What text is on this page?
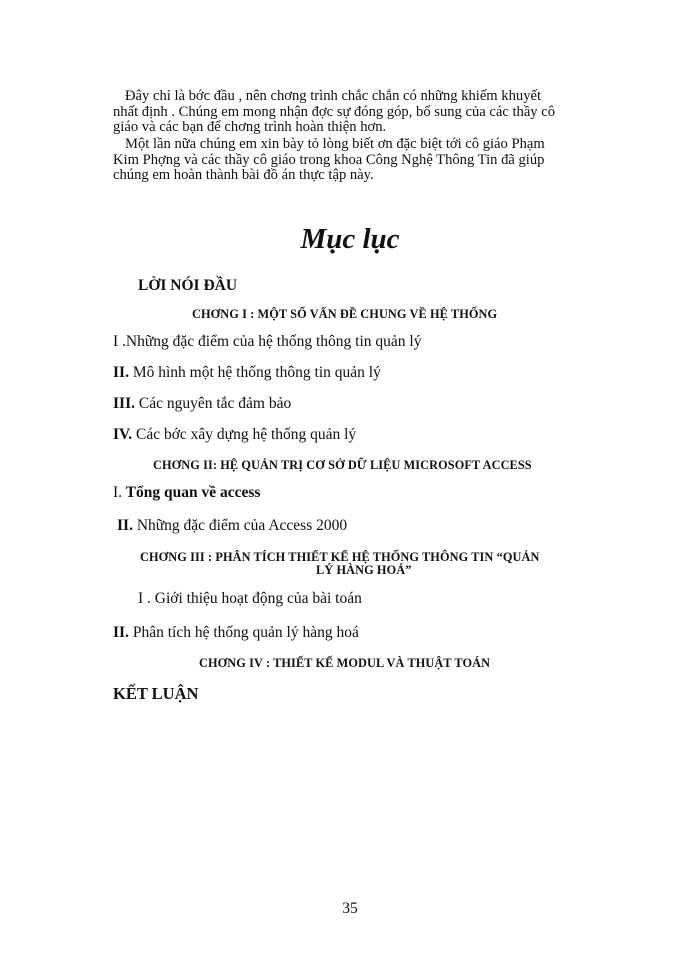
Đây chỉ là bớc đầu , nên chơng trình chắc chắn có những khiếm khuyết
nhất định . Chúng em mong nhận đợc sự đóng góp, bổ sung của các thầy cô
giáo và các bạn để chơng trình hoàn thiện hơn.
Một lần nữa chúng em xin bày tỏ lòng biết ơn đặc biệt tới cô giáo Phạm
Kim Phợng và các thầy cô giáo trong khoa Công Nghệ Thông Tin đã giúp
chúng em hoàn thành bài đồ án thực tập này.
Mục lục
LỜI NÓI ĐẦU
CHƠNG I : MỘT SỐ VẤN ĐỀ CHUNG VỀ HỆ THỐNG
I .Những đặc điểm của hệ thống thông tin quản lý
II. Mô hình một hệ thống thông tin quản lý
III. Các nguyên tắc đảm bảo
IV. Các bớc xây dựng hệ thống quản lý
CHƠNG II: HỆ QUẢN TRỊ CƠ SỞ DỮ LIỆU MICROSOFT ACCESS
I. Tổng quan về access
II. Những đặc điểm của Access 2000
CHƠNG III : PHÂN TÍCH THIẾT KẾ HỆ THỐNG THÔNG TIN “QUẢN
LÝ HÀNG HOÁ”
I . Giới thiệu hoạt động của bài toán
II. Phân tích hệ thống quản lý hàng hoá
CHƠNG IV : THIẾT KẾ MODUL VÀ THUẬT TOÁN
KẾT LUẬN
35
